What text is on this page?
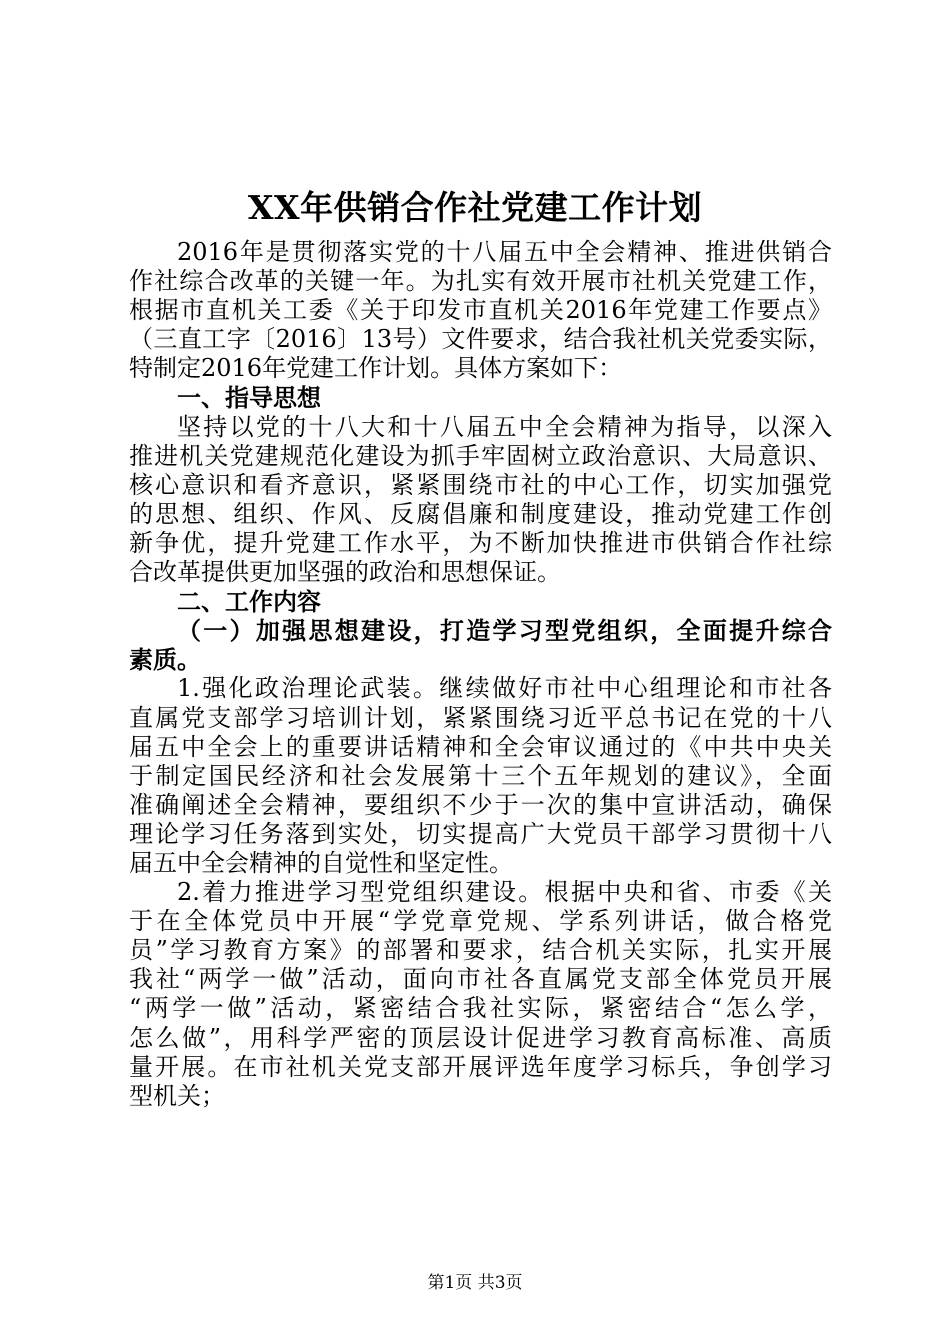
XX年供销合作社党建工作计划
2016年是贯彻落实党的十八届五中全会精神、推进供销合
作社综合改革的关键一年。为扎实有效开展市社机关党建工作，
根据市直机关工委《关于印发市直机关2016年党建工作要点》
（三直工字〔2016〕13号）文件要求，结合我社机关党委实际，
特制定2016年党建工作计划。具体方案如下：
一、指导思想
坚持以党的十八大和十八届五中全会精神为指导，以深入
推进机关党建规范化建设为抓手牢固树立政治意识、大局意识、
核心意识和看齐意识，紧紧围绕市社的中心工作，切实加强党
的思想、组织、作风、反腐倡廉和制度建设，推动党建工作创
新争优，提升党建工作水平，为不断加快推进市供销合作社综
合改革提供更加坚强的政治和思想保证。
二、工作内容
（一）加强思想建设，打造学习型党组织，全面提升综合
素质。
1.强化政治理论武装。继续做好市社中心组理论和市社各
直属党支部学习培训计划，紧紧围绕习近平总书记在党的十八
届五中全会上的重要讲话精神和全会审议通过的《中共中央关
于制定国民经济和社会发展第十三个五年规划的建议》，全面
准确阐述全会精神，要组织不少于一次的集中宣讲活动，确保
理论学习任务落到实处，切实提高广大党员干部学习贯彻十八
届五中全会精神的自觉性和坚定性。
2.着力推进学习型党组织建设。根据中央和省、市委《关
于在全体党员中开展“学党章党规、学系列讲话，做合格党
员”学习教育方案》的部署和要求，结合机关实际，扎实开展
我社“两学一做”活动，面向市社各直属党支部全体党员开展
“两学一做”活动，紧密结合我社实际，紧密结合“怎么学，
怎么做”，用科学严密的顶层设计促进学习教育高标准、高质
量开展。在市社机关党支部开展评选年度学习标兵，争创学习
型机关；
第1页 共3页
